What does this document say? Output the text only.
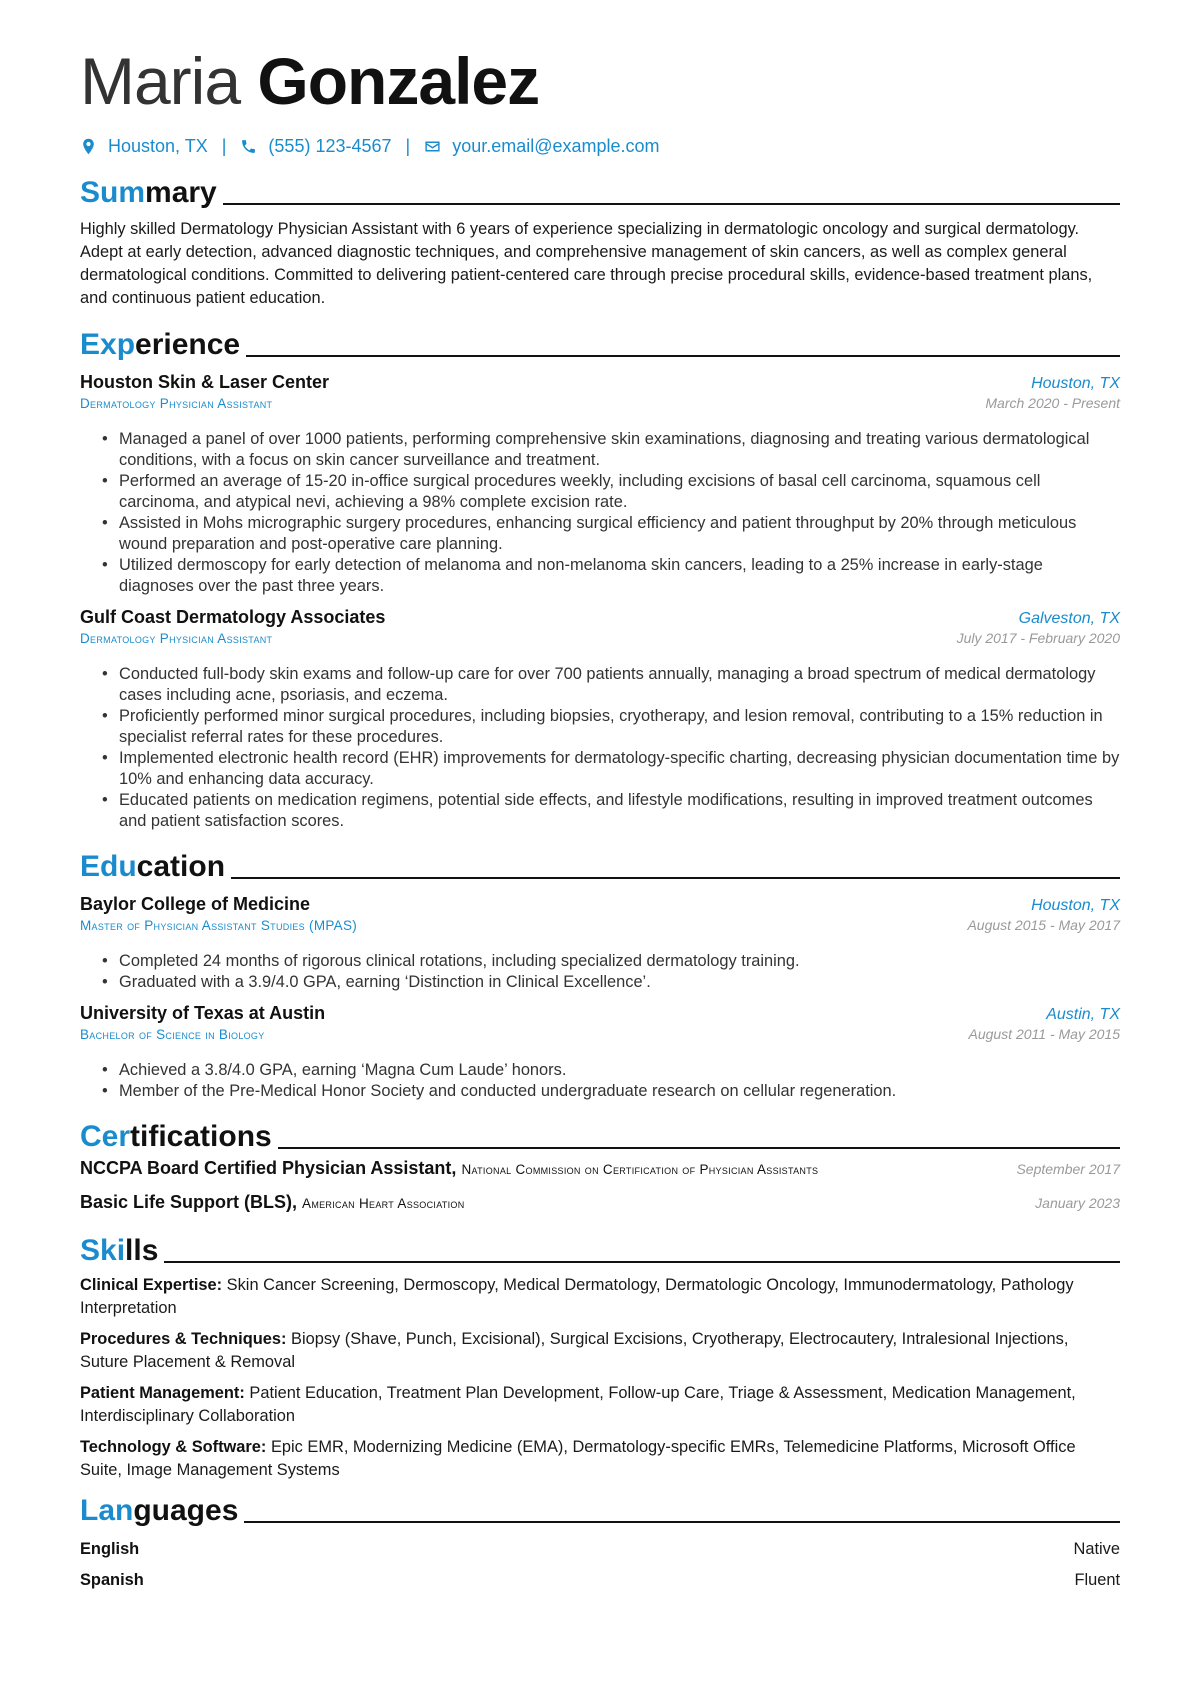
Maria Gonzalez
Houston, TX | (555) 123-4567 | your.email@example.com
Summary

Highly skilled Dermatology Physician Assistant with 6 years of experience specializing in dermatologic oncology and surgical dermatology. Adept at early detection, advanced diagnostic techniques, and comprehensive management of skin cancers, as well as complex general dermatological conditions. Committed to delivering patient-centered care through precise procedural skills, evidence-based treatment plans, and continuous patient education.

Experience
Houston Skin & Laser Center	Houston, TX
Dermatology Physician Assistant	March 2020 - Present
• Managed a panel of over 1000 patients, performing comprehensive skin examinations, diagnosing and treating various dermatological conditions, with a focus on skin cancer surveillance and treatment.
• Performed an average of 15-20 in-office surgical procedures weekly, including excisions of basal cell carcinoma, squamous cell carcinoma, and atypical nevi, achieving a 98% complete excision rate.
• Assisted in Mohs micrographic surgery procedures, enhancing surgical efficiency and patient throughput by 20% through meticulous wound preparation and post-operative care planning.
• Utilized dermoscopy for early detection of melanoma and non-melanoma skin cancers, leading to a 25% increase in early-stage diagnoses over the past three years.
Gulf Coast Dermatology Associates	Galveston, TX
Dermatology Physician Assistant	July 2017 - February 2020
• Conducted full-body skin exams and follow-up care for over 700 patients annually, managing a broad spectrum of medical dermatology cases including acne, psoriasis, and eczema.
• Proficiently performed minor surgical procedures, including biopsies, cryotherapy, and lesion removal, contributing to a 15% reduction in specialist referral rates for these procedures.
• Implemented electronic health record (EHR) improvements for dermatology-specific charting, decreasing physician documentation time by 10% and enhancing data accuracy.
• Educated patients on medication regimens, potential side effects, and lifestyle modifications, resulting in improved treatment outcomes and patient satisfaction scores.
Education
Baylor College of Medicine	Houston, TX
Master of Physician Assistant Studies (MPAS)	August 2015 - May 2017
• Completed 24 months of rigorous clinical rotations, including specialized dermatology training.
• Graduated with a 3.9/4.0 GPA, earning ‘Distinction in Clinical Excellence’.
University of Texas at Austin	Austin, TX
Bachelor of Science in Biology	August 2011 - May 2015
• Achieved a 3.8/4.0 GPA, earning ‘Magna Cum Laude’ honors.
• Member of the Pre-Medical Honor Society and conducted undergraduate research on cellular regeneration.
Certifications
NCCPA Board Certified Physician Assistant, National Commission on Certification of Physician Assistants	September 2017
Basic Life Support (BLS), American Heart Association	January 2023
Skills
Clinical Expertise: Skin Cancer Screening, Dermoscopy, Medical Dermatology, Dermatologic Oncology, Immunodermatology, Pathology Interpretation
Procedures & Techniques: Biopsy (Shave, Punch, Excisional), Surgical Excisions, Cryotherapy, Electrocautery, Intralesional Injections, Suture Placement & Removal
Patient Management: Patient Education, Treatment Plan Development, Follow-up Care, Triage & Assessment, Medication Management, Interdisciplinary Collaboration
Technology & Software: Epic EMR, Modernizing Medicine (EMA), Dermatology-specific EMRs, Telemedicine Platforms, Microsoft Office Suite, Image Management Systems
Languages
English	Native
Spanish	Fluent
